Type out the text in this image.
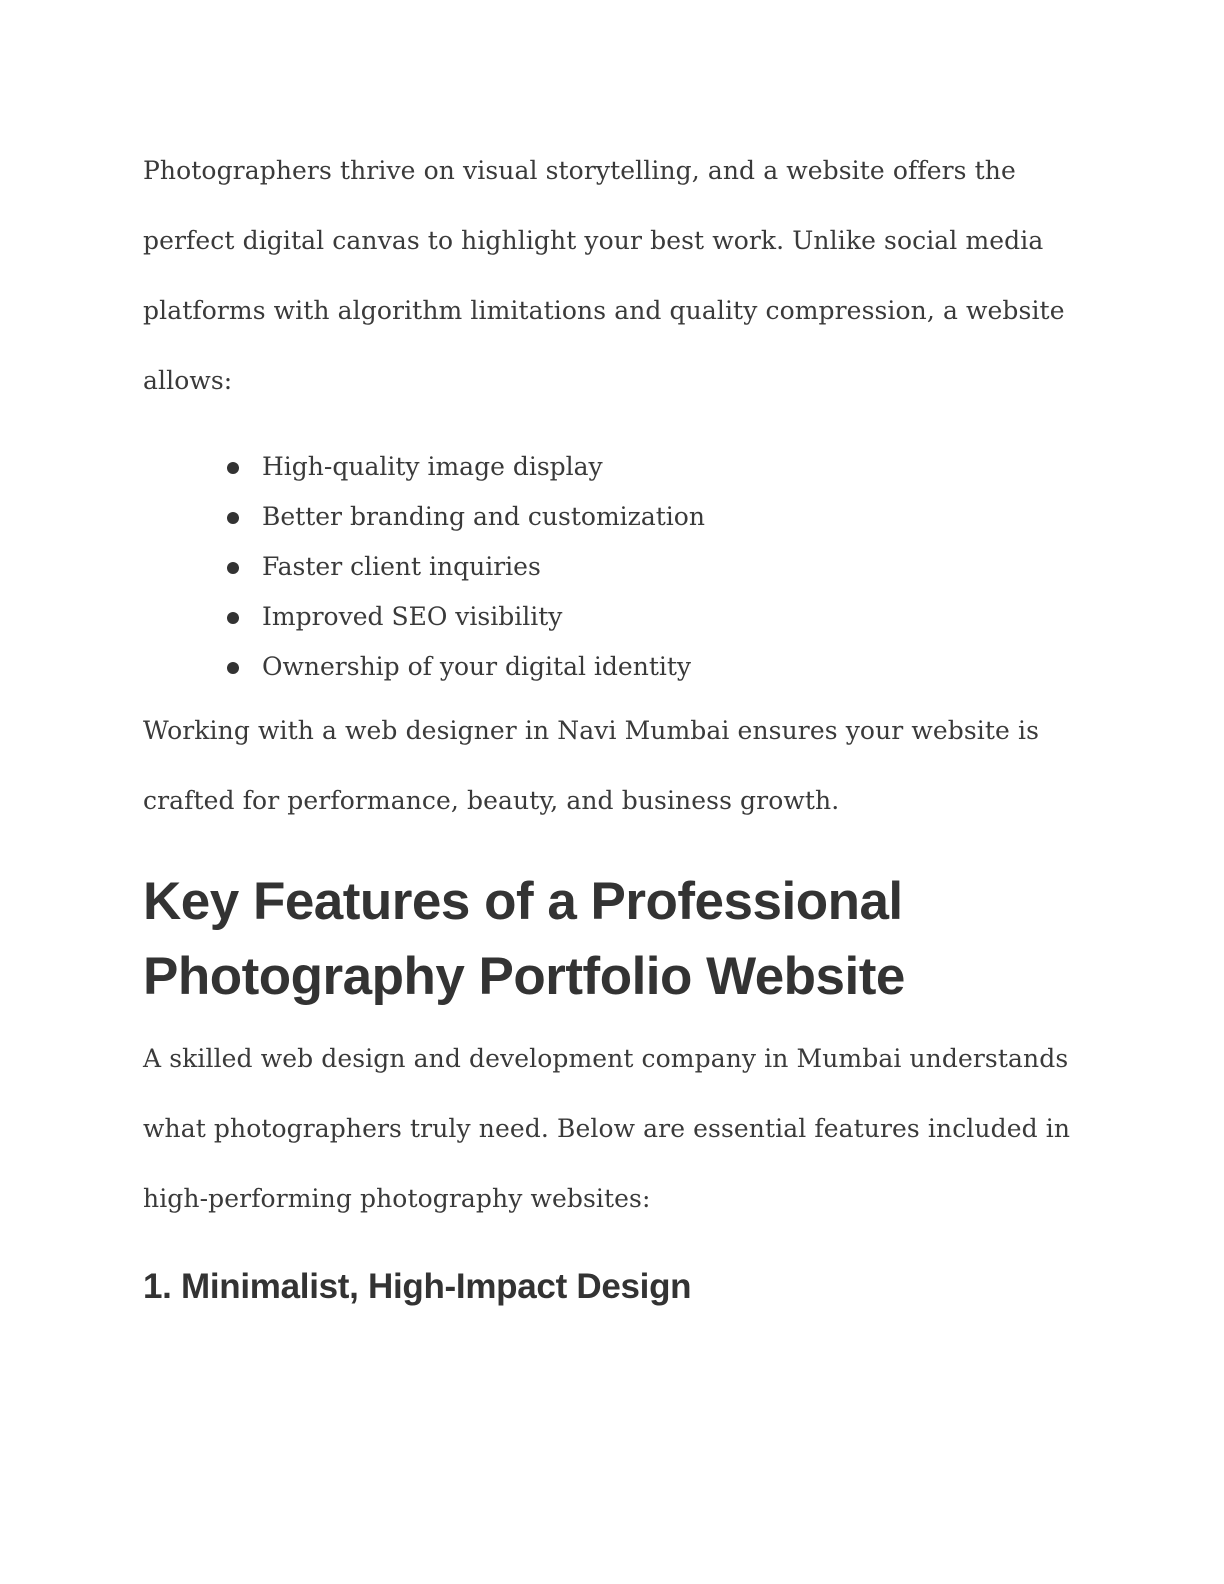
Photographers thrive on visual storytelling, and a website offers the perfect digital canvas to highlight your best work. Unlike social media platforms with algorithm limitations and quality compression, a website allows:

High-quality image display
Better branding and customization
Faster client inquiries
Improved SEO visibility
Ownership of your digital identity

Working with a web designer in Navi Mumbai ensures your website is crafted for performance, beauty, and business growth.

Key Features of a Professional Photography Portfolio Website

A skilled web design and development company in Mumbai understands what photographers truly need. Below are essential features included in high-performing photography websites:

1. Minimalist, High-Impact Design
